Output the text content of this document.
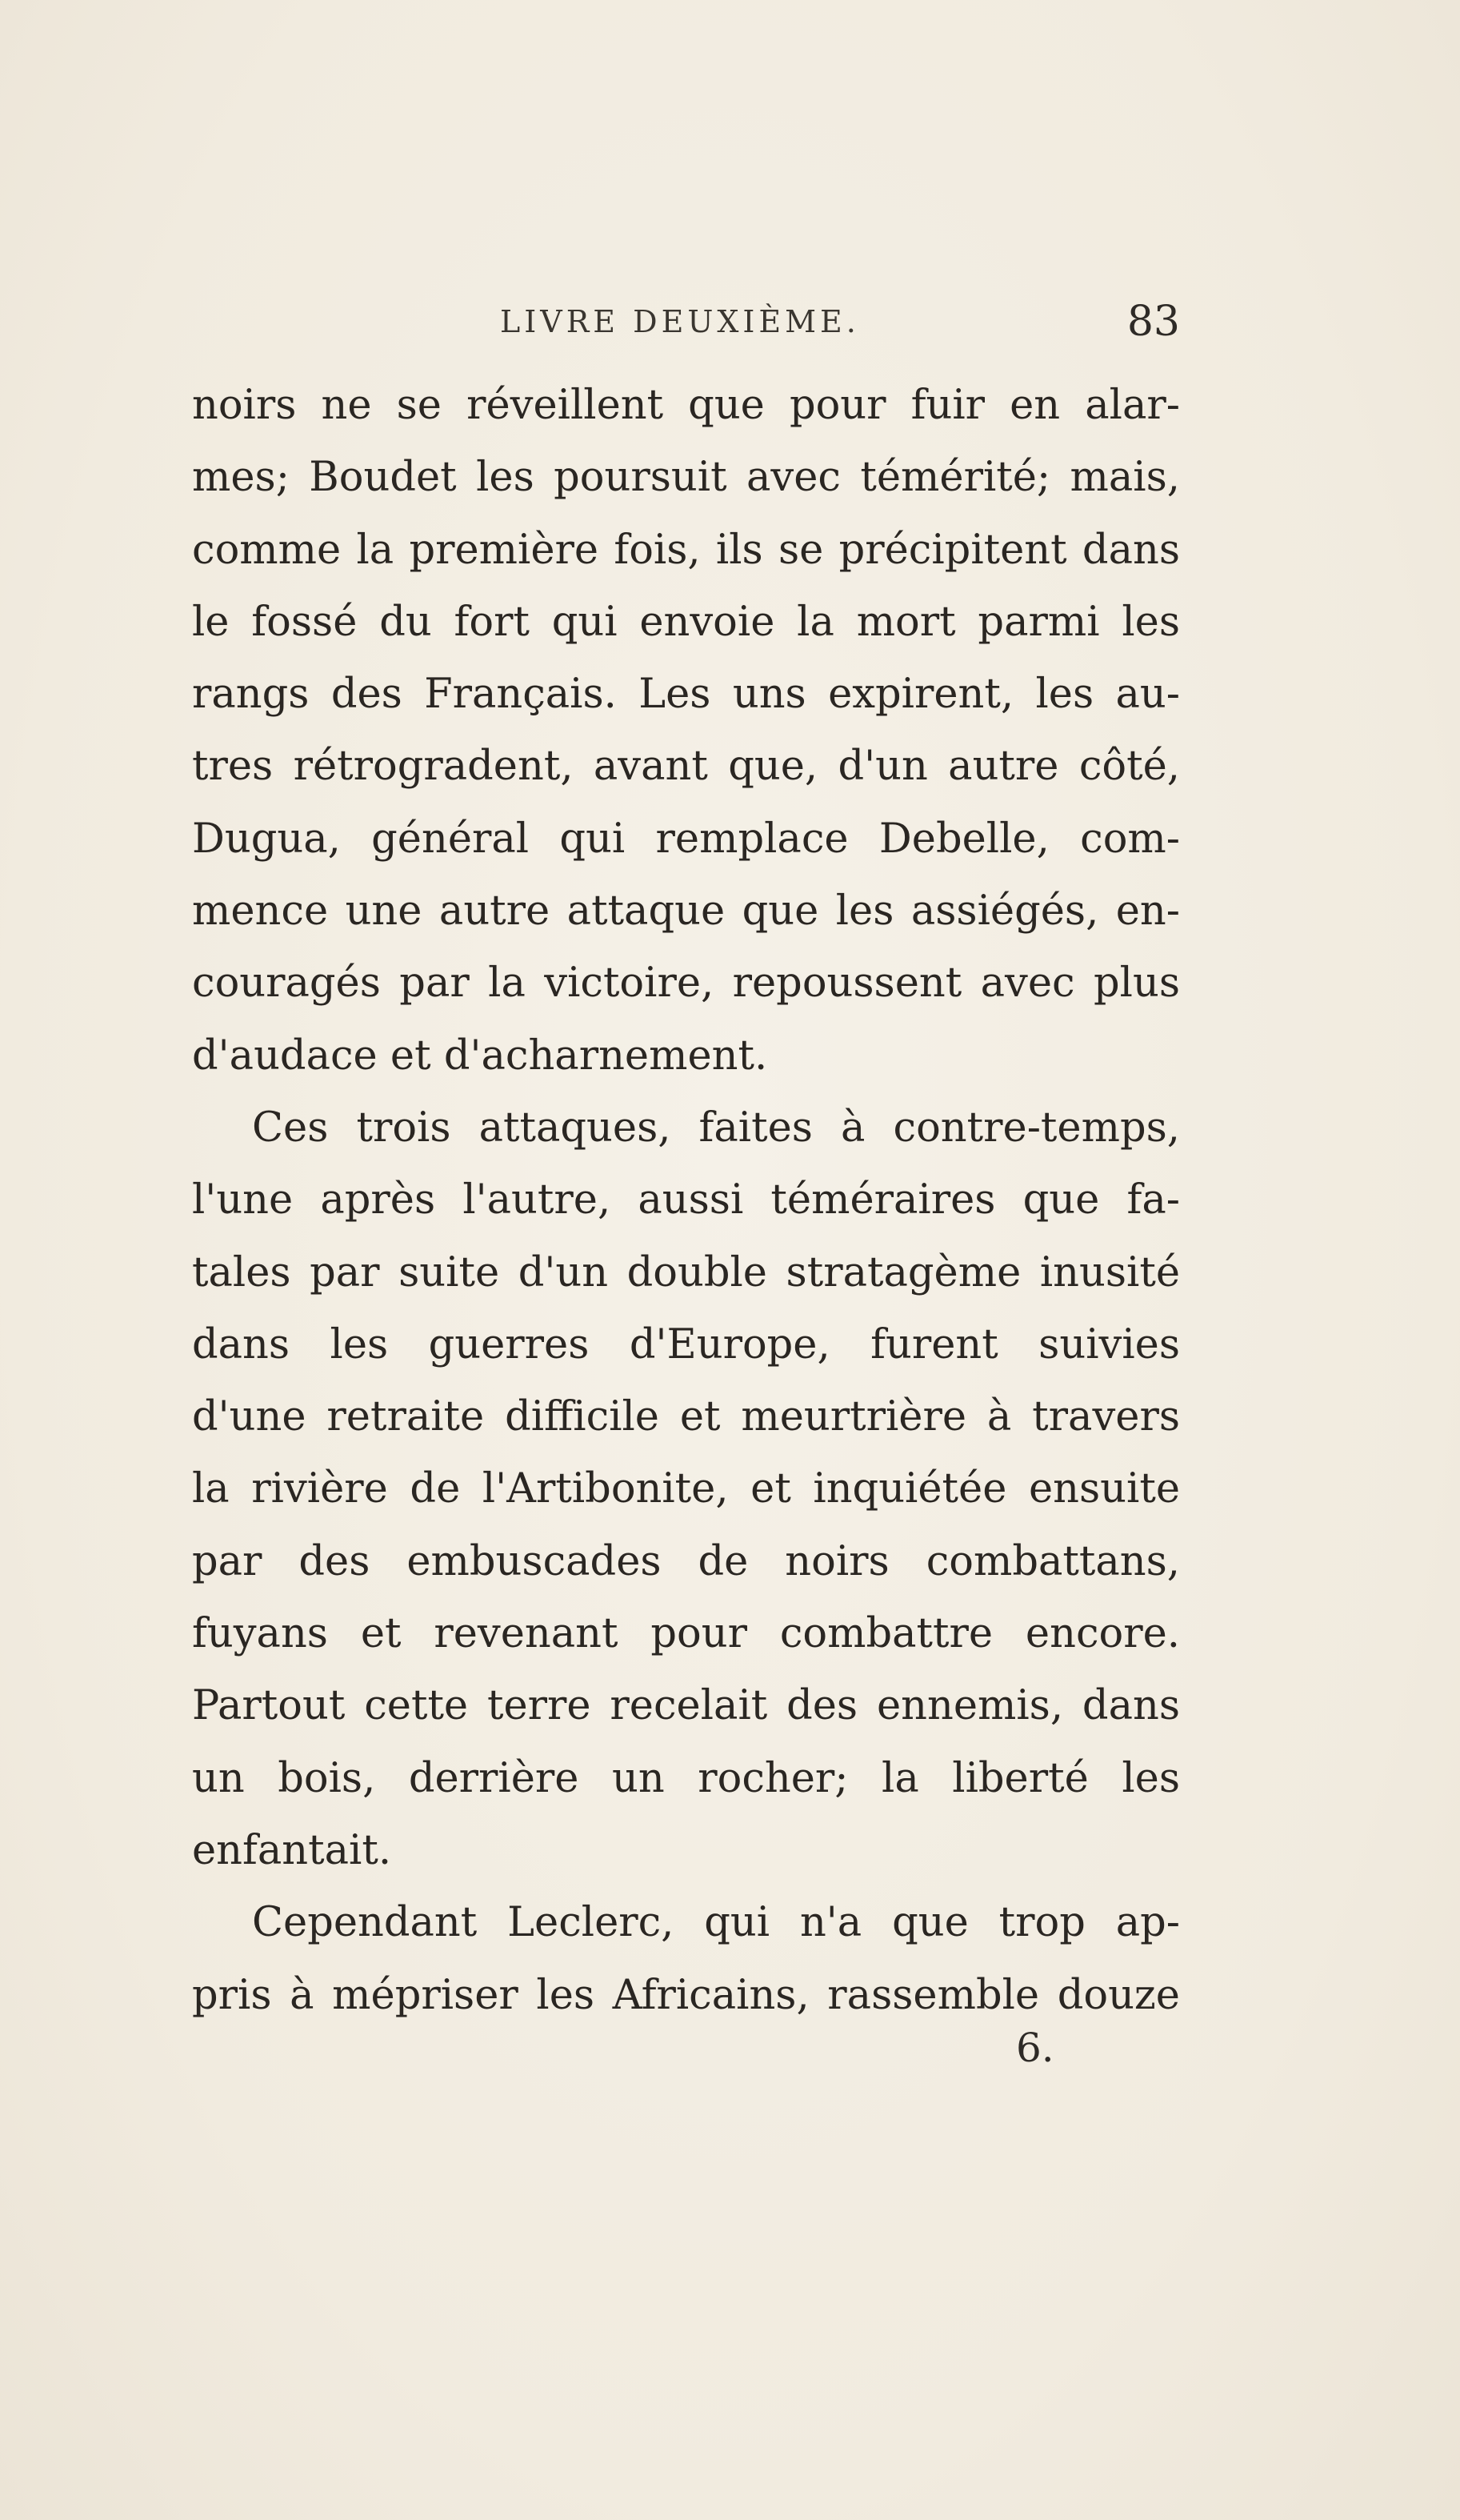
LIVRE DEUXIÈME.	83
noirs ne se réveillent que pour fuir en alar-
mes; Boudet les poursuit avec témérité; mais,
comme la première fois, ils se précipitent dans
le fossé du fort qui envoie la mort parmi les
rangs des Français. Les uns expirent, les au-
tres rétrogradent, avant que, d'un autre côté,
Dugua, général qui remplace Debelle, com-
mence une autre attaque que les assiégés, en-
couragés par la victoire, repoussent avec plus
d'audace et d'acharnement.
Ces trois attaques, faites à contre-temps,
l'une après l'autre, aussi téméraires que fa-
tales par suite d'un double stratagème inusité
dans les guerres d'Europe, furent suivies
d'une retraite difficile et meurtrière à travers
la rivière de l'Artibonite, et inquiétée ensuite
par des embuscades de noirs combattans,
fuyans et revenant pour combattre encore.
Partout cette terre recelait des ennemis, dans
un bois, derrière un rocher; la liberté les
enfantait.
Cependant Leclerc, qui n'a que trop ap-
pris à mépriser les Africains, rassemble douze
6.
